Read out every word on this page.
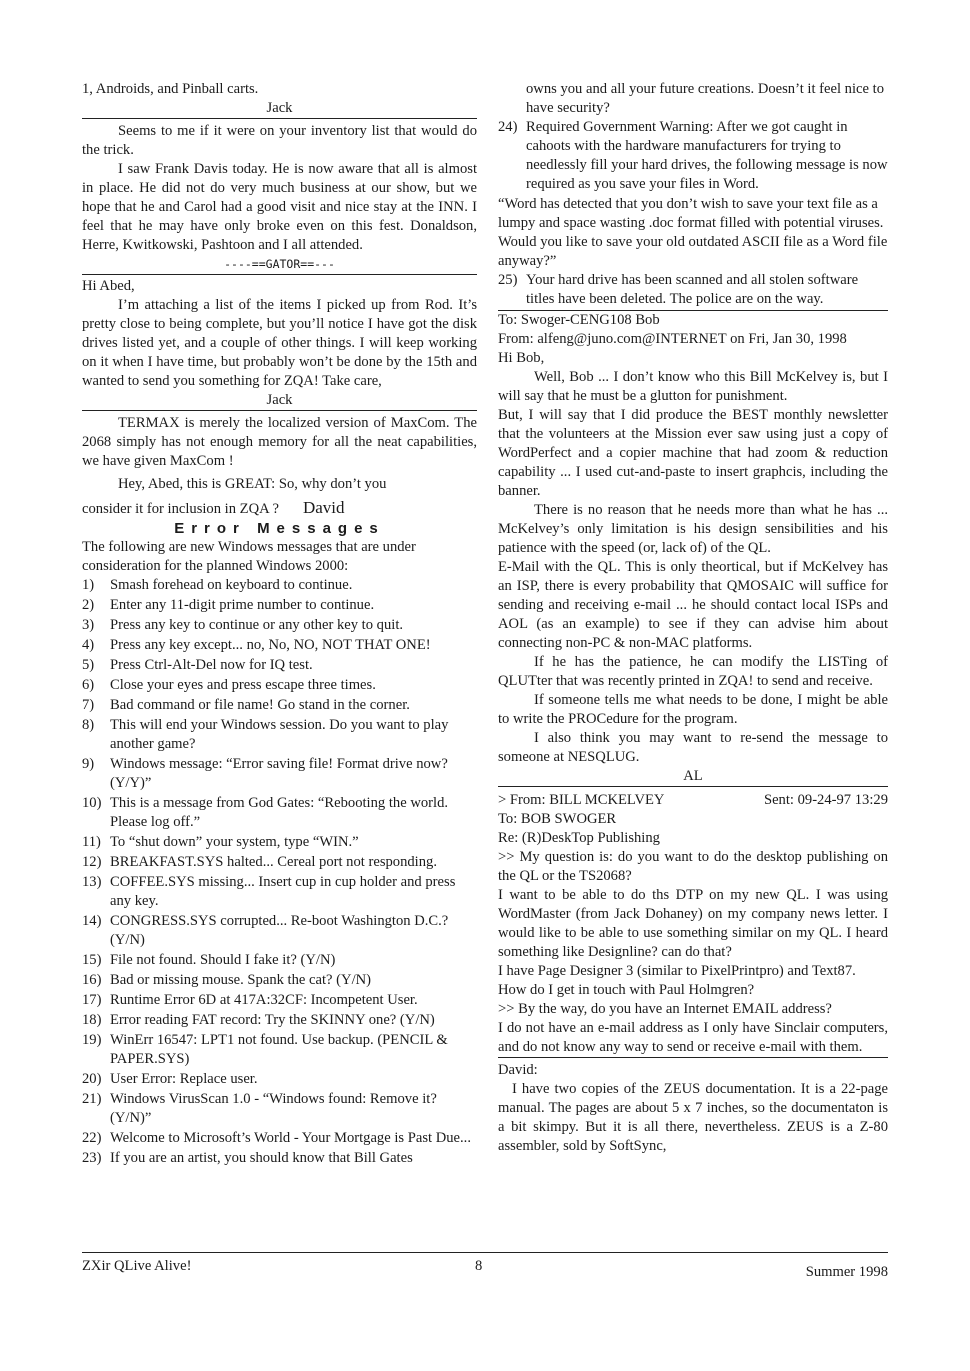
1, Androids, and Pinball carts.

Jack

Seems to me if it were on your inventory list that would do the trick.

I saw Frank Davis today. He is now aware that all is almost in place. He did not do very much business at our show, but we hope that he and Carol had a good visit and nice stay at the INN. I feel that he may have only broke even on this fest. Donaldson, Herre, Kwitkowski, Pashtoon and I all attended.

----==GATOR==---

Hi Abed,

I’m attaching a list of the items I picked up from Rod. It’s pretty close to being complete, but you’ll notice I have got the disk drives listed yet, and a couple of other things. I will keep working on it when I have time, but probably won’t be done by the 15th and wanted to send you something for ZQA! Take care,

Jack

TERMAX is merely the localized version of MaxCom. The 2068 simply has not enough memory for all the neat capabilities, we have given MaxCom !

Hey, Abed, this is GREAT: So, why don’t you

consider it for inclusion in ZQA ? David

Error Messages

The following are new Windows messages that are under consideration for the planned Windows 2000:

1)	Smash forehead on keyboard to continue.
2)	Enter any 11-digit prime number to continue.
3)	Press any key to continue or any other key to quit.
4)	Press any key except... no, No, NO, NOT THAT ONE!
5)	Press Ctrl-Alt-Del now for IQ test.
6)	Close your eyes and press escape three times.
7)	Bad command or file name! Go stand in the corner.
8)	This will end your Windows session. Do you want to play another game?
9)	Windows message: “Error saving file! Format drive now? (Y/Y)”
10) This is a message from God Gates: “Rebooting the world. Please log off.”
11) To “shut down” your system, type “WIN.”
12) BREAKFAST.SYS halted... Cereal port not responding.
13) COFFEE.SYS missing... Insert cup in cup holder and press any key.
14) CONGRESS.SYS corrupted... Re-boot Washington D.C.? (Y/N)
15) File not found. Should I fake it? (Y/N)
16) Bad or missing mouse. Spank the cat? (Y/N)
17) Runtime Error 6D at 417A:32CF: Incompetent User.
18) Error reading FAT record: Try the SKINNY one? (Y/N)
19) WinErr 16547: LPT1 not found. Use backup. (PENCIL & PAPER.SYS)
20) User Error: Replace user.
21) Windows VirusScan 1.0 - “Windows found: Remove it? (Y/N)”
22) Welcome to Microsoft’s World - Your Mortgage is Past Due...
23) If you are an artist, you should know that Bill Gates

owns you and all your future creations. Doesn’t it feel nice to have security?

24) Required Government Warning: After we got caught in cahoots with the hardware manufacturers for trying to needlessly fill your hard drives, the following message is now required as you save your files in Word.

“Word has detected that you don’t wish to save your text file as a lumpy and space wasting .doc format filled with potential viruses. Would you like to save your old outdated ASCII file as a Word file anyway?”

25) Your hard drive has been scanned and all stolen software titles have been deleted. The police are on the way.

To: Swoger-CENG108 Bob

From: alfeng@juno.com@INTERNET on Fri, Jan 30, 1998

Hi Bob,

Well, Bob ... I don’t know who this Bill McKelvey is, but I will say that he must be a glutton for punishment.

But, I will say that I did produce the BEST monthly newsletter that the volunteers at the Mission ever saw using just a copy of WordPerfect and a copier machine that had zoom & reduction capability ... I used cut-and-paste to insert graphcis, including the banner.

There is no reason that he needs more than what he has ... McKelvey’s only limitation is his design sensibilities and his patience with the speed (or, lack of) of the QL.

E-Mail with the QL. This is only theortical, but if McKelvey has an ISP, there is every probability that QMOSAIC will suffice for sending and receiving e-mail ... he should contact local ISPs and AOL (as an example) to see if they can advise him about connecting non-PC & non-MAC platforms.

If he has the patience, he can modify the LISTing of QLUTter that was recently printed in ZQA! to send and receive.

If someone tells me what needs to be done, I might be able to write the PROCedure for the program.

I also think you may want to re-send the message to someone at NESQLUG.

AL

> From: BILL MCKELVEY	Sent: 09-24-97 13:29

To: BOB SWOGER

Re: (R)DeskTop Publishing

>> My question is: do you want to do the desktop publishing on the QL or the TS2068?

I want to be able to do ths DTP on my new QL. I was using WordMaster (from Jack Dohaney) on my company news letter. I would like to be able to use something similar on my QL. I heard something like Designline? can do that?

I have Page Designer 3 (similar to PixelPrintpro) and Text87.

How do I get in touch with Paul Holmgren?

>> By the way, do you have an Internet EMAIL address?

I do not have an e-mail address as I only have Sinclair computers, and do not know any way to send or receive e-mail with them.

David:

I have two copies of the ZEUS documentation. It is a 22-page manual. The pages are about 5 x 7 inches, so the documentaton is a bit skimpy. But it is all there, nevertheless. ZEUS is a Z-80 assembler, sold by SoftSync,

ZXir QLive Alive!	8	Summer 1998
